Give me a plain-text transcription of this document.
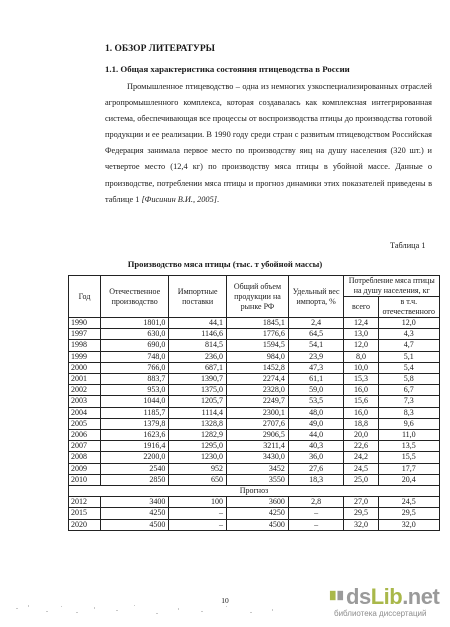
1. ОБЗОР ЛИТЕРАТУРЫ
1.1. Общая характеристика состояния птицеводства в России
Промышленное птицеводство – одна из немногих узкоспециализированных отраслей агропромышленного комплекса, которая создавалась как комплексная интегрированная система, обеспечивающая все процессы от воспроизводства птицы до производства готовой продукции и ее реализации. В 1990 году среди стран с развитым птицеводством Российская Федерация занимала первое место по производству яиц на душу населения (320 шт.) и четвертое место (12,4 кг) по производству мяса птицы в убойной массе. Данные о производстве, потреблении мяса птицы и прогноз динамики этих показателей приведены в таблице 1 [Фисинин В.И., 2005].
Таблица 1
Производство мяса птицы (тыс. т убойной массы)
Год	Отечественное производство	Импортные поставки	Общий объем продукции на рынке РФ	Удельный вес импорта, %	Потребление мяса птицы на душу населения, кг	
					всего	в т.ч. отечественного
1990	1801,0	44,1	1845,1	2,4	12,4	12,0
1997	630,0	1146,6	1776,6	64,5	13,0	4,3
1998	690,0	814,5	1594,5	54,1	12,0	4,7
1999	748,0	236,0	984,0	23,9	8,0	5,1
2000	766,0	687,1	1452,8	47,3	10,0	5,4
2001	883,7	1390,7	2274,4	61,1	15,3	5,8
2002	953,0	1375,0	2328,0	59,0	16,0	6,7
2003	1044,0	1205,7	2249,7	53,5	15,6	7,3
2004	1185,7	1114,4	2300,1	48,0	16,0	8,3
2005	1379,8	1328,8	2707,6	49,0	18,8	9,6
2006	1623,6	1282,9	2906,5	44,0	20,0	11,0
2007	1916,4	1295,0	3211,4	40,3	22,6	13,5
2008	2200,0	1230,0	3430,0	36,0	24,2	15,5
2009	2540	952	3452	27,6	24,5	17,7
2010	2850	650	3550	18,3	25,0	20,4
Прогноз						
2012	3400	100	3600	2,8	27,0	24,5
2015	4250	–	4250	–	29,5	29,5
2020	4500	–	4500	–	32,0	32,0
10	dsLib.net
библиотека диссертаций
